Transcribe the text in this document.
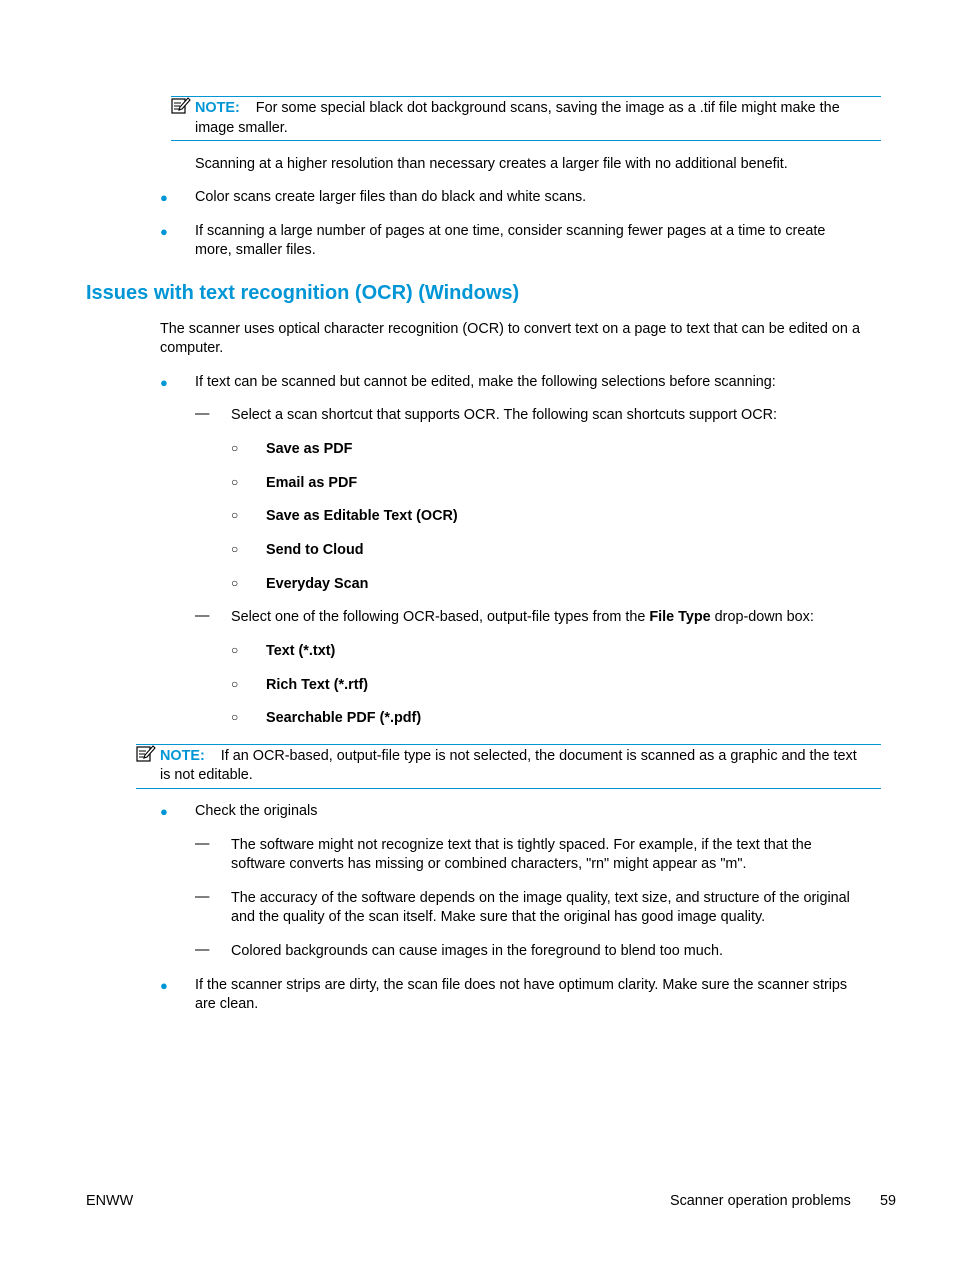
NOTE: For some special black dot background scans, saving the image as a .tif file might make the
image smaller.
Scanning at a higher resolution than necessary creates a larger file with no additional benefit.
● Color scans create larger files than do black and white scans.
● If scanning a large number of pages at one time, consider scanning fewer pages at a time to create
more, smaller files.
Issues with text recognition (OCR) (Windows)
The scanner uses optical character recognition (OCR) to convert text on a page to text that can be edited on a
computer.
● If text can be scanned but cannot be edited, make the following selections before scanning:
— Select a scan shortcut that supports OCR. The following scan shortcuts support OCR:
○ Save as PDF
○ Email as PDF
○ Save as Editable Text (OCR)
○ Send to Cloud
○ Everyday Scan
— Select one of the following OCR-based, output-file types from the File Type drop-down box:
○ Text (*.txt)
○ Rich Text (*.rtf)
○ Searchable PDF (*.pdf)
NOTE: If an OCR-based, output-file type is not selected, the document is scanned as a graphic and the text
is not editable.
● Check the originals
— The software might not recognize text that is tightly spaced. For example, if the text that the
software converts has missing or combined characters, "rn" might appear as "m".
— The accuracy of the software depends on the image quality, text size, and structure of the original
and the quality of the scan itself. Make sure that the original has good image quality.
— Colored backgrounds can cause images in the foreground to blend too much.
● If the scanner strips are dirty, the scan file does not have optimum clarity. Make sure the scanner strips
are clean.
ENWW	Scanner operation problems 59
